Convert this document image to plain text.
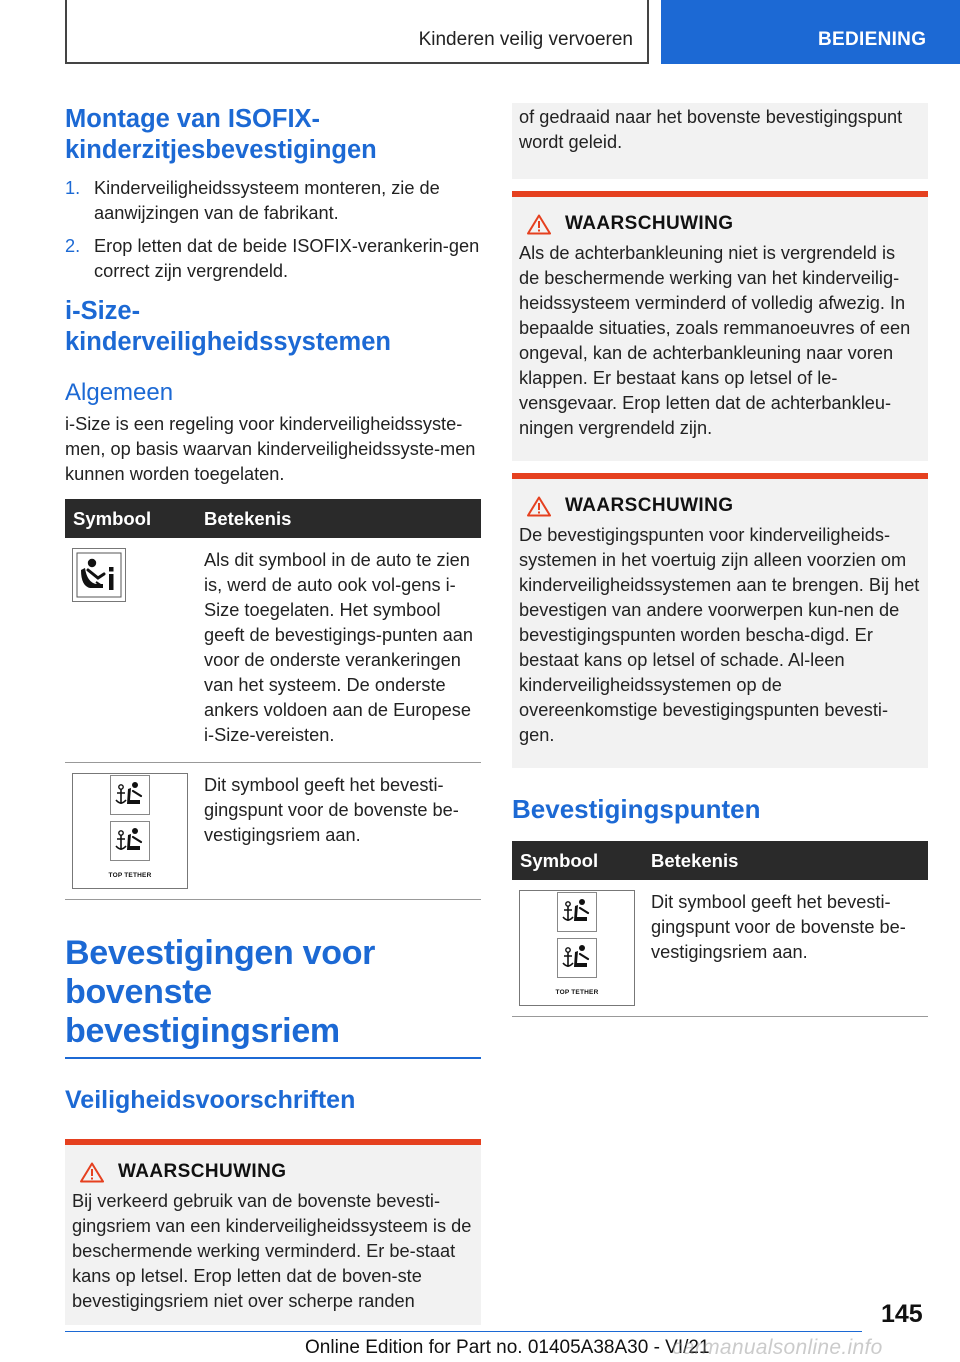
Kinderen veilig vervoeren	BEDIENING
Montage van ISOFIX-kinderzitjesbevestigingen
1. Kinderveiligheidssysteem monteren, zie de aanwijzingen van de fabrikant.
2. Erop letten dat de beide ISOFIX-verankerin-gen correct zijn vergrendeld.
i-Size-kinderveiligheidssystemen
Algemeen

i-Size is een regeling voor kinderveiligheidssyste-men, op basis waarvan kinderveiligheidssyste-men kunnen worden toegelaten.

Symbool	Betekenis

	Als dit symbool in de auto te zien is, werd de auto ook vol-gens i-Size toegelaten. Het symbool geeft de bevestigings-punten aan voor de onderste verankeringen van het systeem. De onderste ankers voldoen aan de Europese i-Size-vereisten.

TOP TETHER	Dit symbool geeft het bevesti-gingspunt voor de bovenste be-vestigingsriem aan.
Bevestigingen voor bovenste bevestigingsriem
Veiligheidsvoorschriften
WAARSCHUWING

Bij verkeerd gebruik van de bovenste bevesti-gingsriem van een kinderveiligheidssysteem is de beschermende werking verminderd. Er be-staat kans op letsel. Erop letten dat de boven-ste bevestigingsriem niet over scherpe randen

of gedraaid naar het bovenste bevestigingspunt wordt geleid.

WAARSCHUWING

Als de achterbankleuning niet is vergrendeld is de beschermende werking van het kinderveilig-heidssysteem verminderd of volledig afwezig. In bepaalde situaties, zoals remmanoeuvres of een ongeval, kan de achterbankleuning naar voren klappen. Er bestaat kans op letsel of le-vensgevaar. Erop letten dat de achterbankleu-ningen vergrendeld zijn.

WAARSCHUWING

De bevestigingspunten voor kinderveiligheids-systemen in het voertuig zijn alleen voorzien om kinderveiligheidssystemen aan te brengen. Bij het bevestigen van andere voorwerpen kun-nen de bevestigingspunten worden bescha-digd. Er bestaat kans op letsel of schade. Al-leen kinderveiligheidssystemen op de overeenkomstige bevestigingspunten bevesti-gen.

Bevestigingspunten
Symbool	Betekenis

TOP TETHER	Dit symbool geeft het bevesti-gingspunt voor de bovenste be-vestigingsriem aan.
145
Online Edition for Part no. 01405A38A30 - VI/21
carmanualsonline.info
